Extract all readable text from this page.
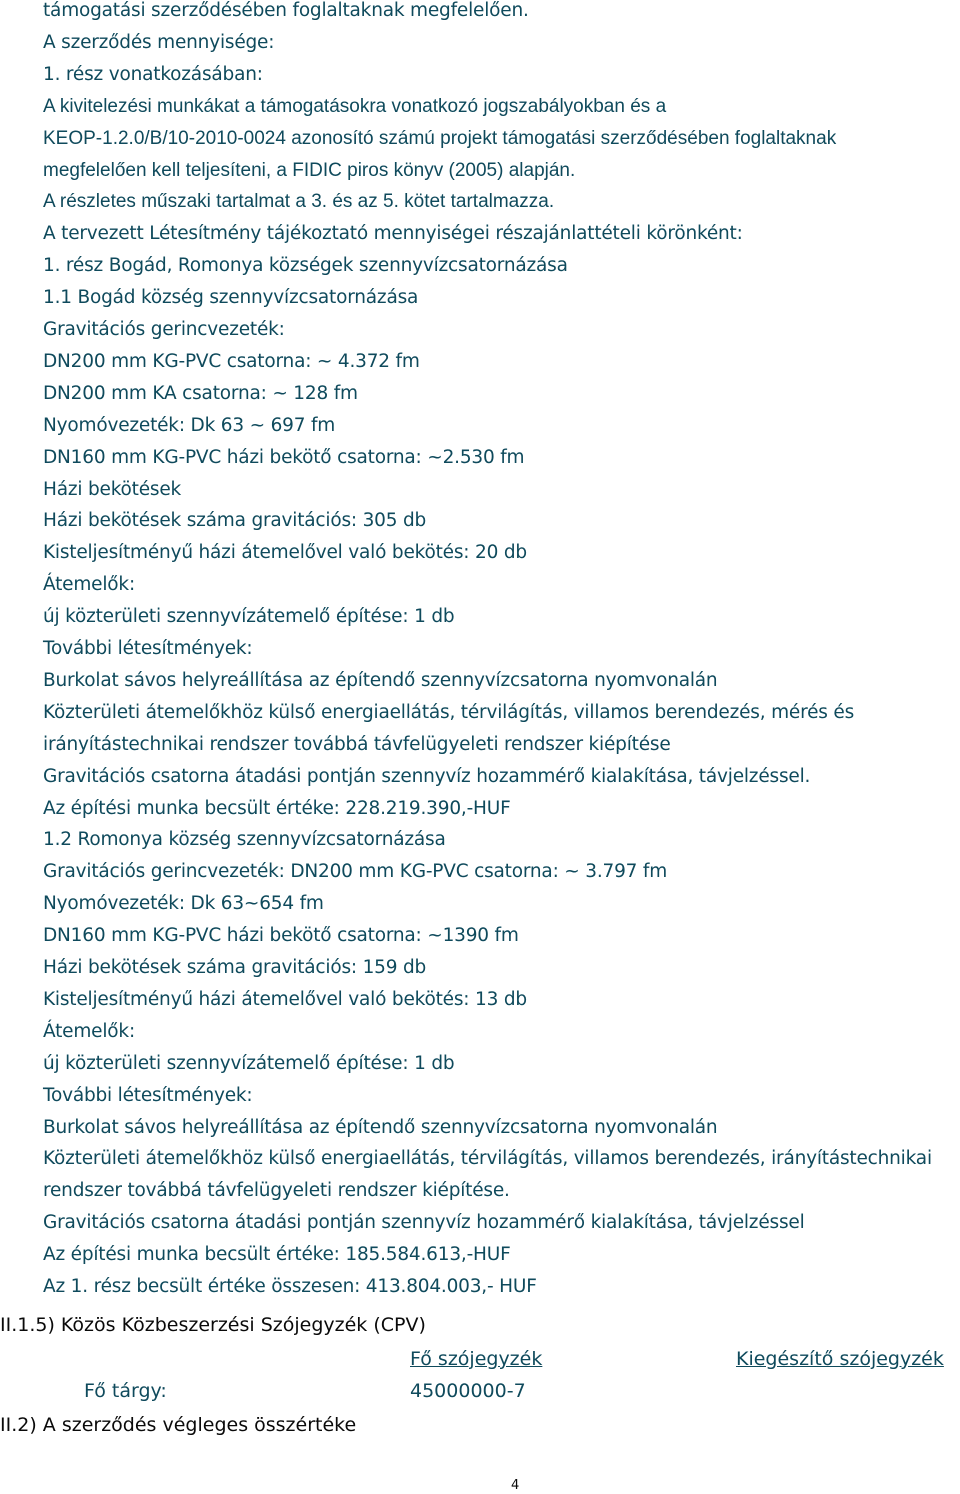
támogatási szerződésében foglaltaknak megfelelően.
A szerződés mennyisége:
1. rész vonatkozásában:
A kivitelezési munkákat a támogatásokra vonatkozó jogszabályokban és a
KEOP-1.2.0/B/10-2010-0024 azonosító számú projekt támogatási szerződésében foglaltaknak
megfelelően kell teljesíteni, a FIDIC piros könyv (2005) alapján.
A részletes műszaki tartalmat a 3. és az 5. kötet tartalmazza.
A tervezett Létesítmény tájékoztató mennyiségei részajánlattételi körönként:
1. rész Bogád, Romonya községek szennyvízcsatornázása
1.1 Bogád község szennyvízcsatornázása
Gravitációs gerincvezeték:
DN200 mm KG-PVC csatorna: ~ 4.372 fm
DN200 mm KA csatorna: ~ 128 fm
Nyomóvezeték: Dk 63 ~ 697 fm
DN160 mm KG-PVC házi bekötő csatorna: ~2.530 fm
Házi bekötések
Házi bekötések száma gravitációs: 305 db
Kisteljesítményű házi átemelővel való bekötés: 20 db
Átemelők:
új közterületi szennyvízátemelő építése: 1 db
További létesítmények:
Burkolat sávos helyreállítása az építendő szennyvízcsatorna nyomvonalán
Közterületi átemelőkhöz külső energiaellátás, térvilágítás, villamos berendezés, mérés és
irányítástechnikai rendszer továbbá távfelügyeleti rendszer kiépítése
Gravitációs csatorna átadási pontján szennyvíz hozammérő kialakítása, távjelzéssel.
Az építési munka becsült értéke: 228.219.390,-HUF
1.2 Romonya község szennyvízcsatornázása
Gravitációs gerincvezeték: DN200 mm KG-PVC csatorna: ~ 3.797 fm
Nyomóvezeték: Dk 63~654 fm
DN160 mm KG-PVC házi bekötő csatorna: ~1390 fm
Házi bekötések száma gravitációs: 159 db
Kisteljesítményű házi átemelővel való bekötés: 13 db
Átemelők:
új közterületi szennyvízátemelő építése: 1 db
További létesítmények:
Burkolat sávos helyreállítása az építendő szennyvízcsatorna nyomvonalán
Közterületi átemelőkhöz külső energiaellátás, térvilágítás, villamos berendezés, irányítástechnikai
rendszer továbbá távfelügyeleti rendszer kiépítése.
Gravitációs csatorna átadási pontján szennyvíz hozammérő kialakítása, távjelzéssel
Az építési munka becsült értéke: 185.584.613,-HUF
Az 1. rész becsült értéke összesen: 413.804.003,- HUF
II.1.5) Közös Közbeszerzési Szójegyzék (CPV)
Fő szójegyzék	Kiegészítő szójegyzék
Fő tárgy:	45000000-7
II.2) A szerződés végleges összértéke
4
